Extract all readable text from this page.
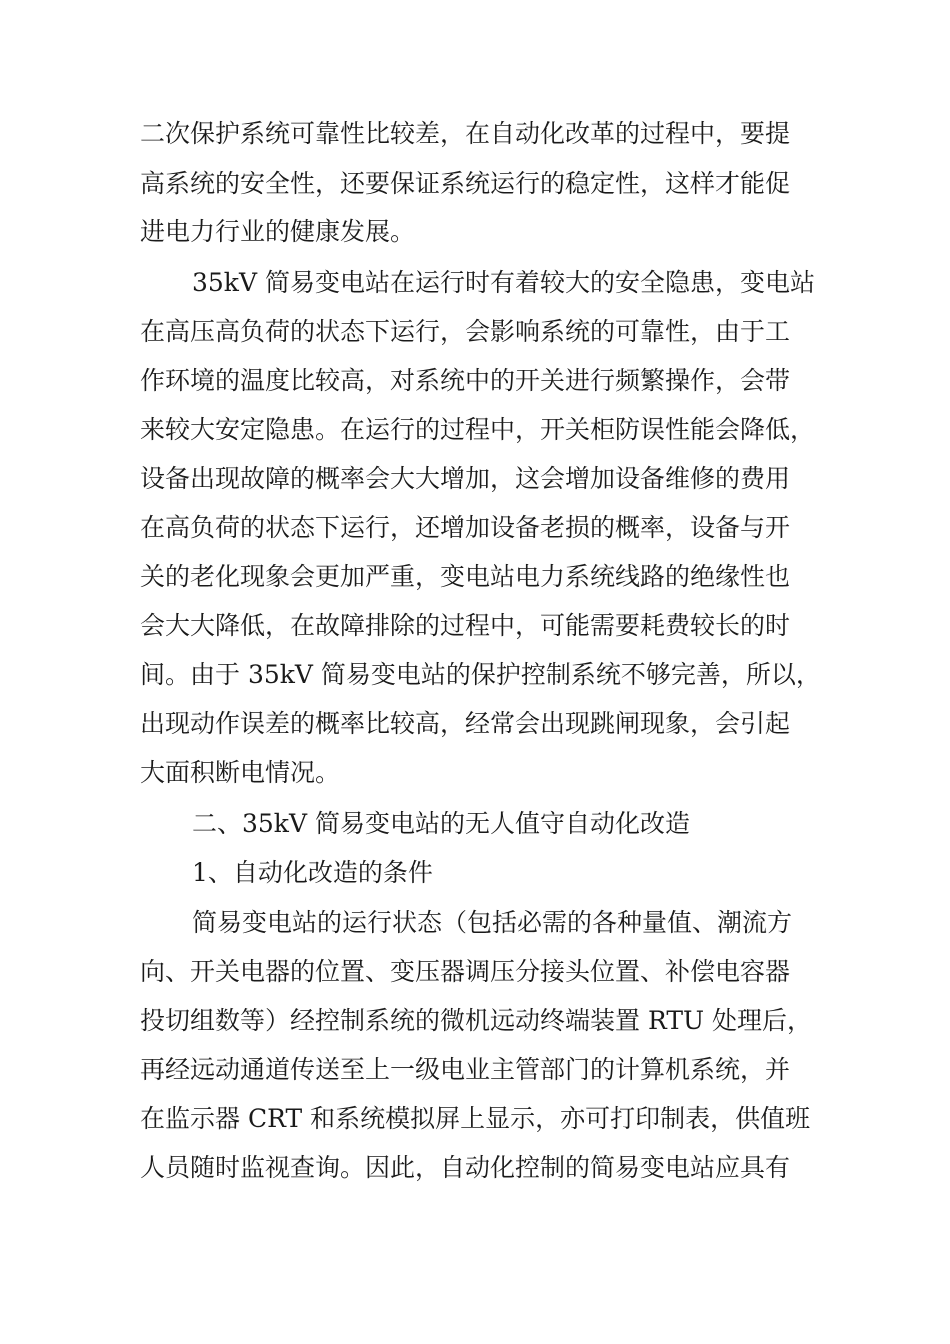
二次保护系统可靠性比较差，在自动化改革的过程中，要提
高系统的安全性，还要保证系统运行的稳定性，这样才能促
进电力行业的健康发展。
35kV 简易变电站在运行时有着较大的安全隐患，变电站
在高压高负荷的状态下运行，会影响系统的可靠性，由于工
作环境的温度比较高，对系统中的开关进行频繁操作，会带
来较大安定隐患。在运行的过程中，开关柜防误性能会降低，
设备出现故障的概率会大大增加，这会增加设备维修的费用
在高负荷的状态下运行，还增加设备老损的概率，设备与开
关的老化现象会更加严重，变电站电力系统线路的绝缘性也
会大大降低，在故障排除的过程中，可能需要耗费较长的时
间。由于 35kV 简易变电站的保护控制系统不够完善，所以，
出现动作误差的概率比较高，经常会出现跳闸现象，会引起
大面积断电情况。
二、35kV 简易变电站的无人值守自动化改造
1、自动化改造的条件
简易变电站的运行状态（包括必需的各种量值、潮流方
向、开关电器的位置、变压器调压分接头位置、补偿电容器
投切组数等）经控制系统的微机远动终端装置 RTU 处理后，
再经远动通道传送至上一级电业主管部门的计算机系统，并
在监示器 CRT 和系统模拟屏上显示，亦可打印制表，供值班
人员随时监视查询。因此，自动化控制的简易变电站应具有
